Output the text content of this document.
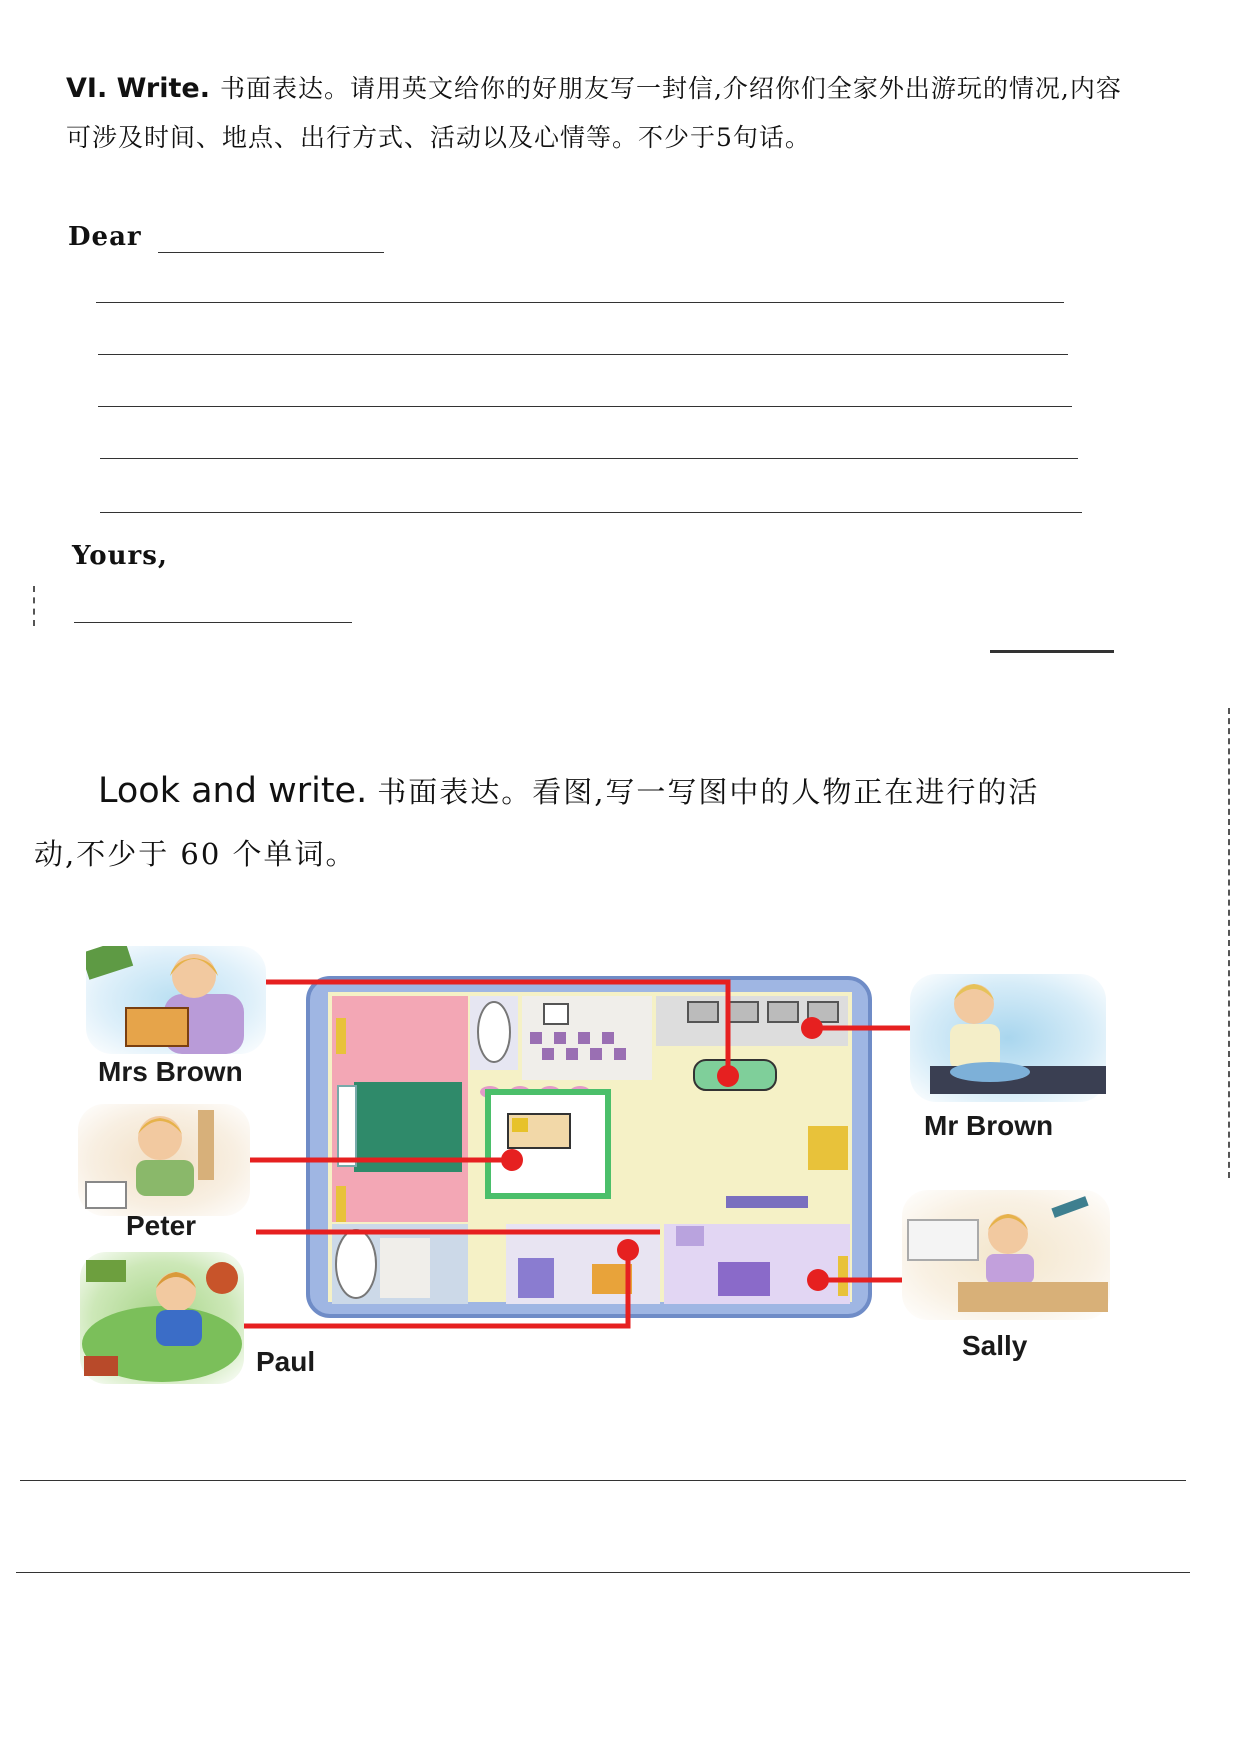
VI. Write. 书面表达。请用英文给你的好朋友写一封信,介绍你们全家外出游玩的情况,内容可涉及时间、地点、出行方式、活动以及心情等。不少于5句话。
Dear
Yours,
Look and write. 书面表达。看图,写一写图中的人物正在进行的活
动,不少于 60 个单词。
Mrs Brown
Peter
Paul
Mr Brown
Sally
